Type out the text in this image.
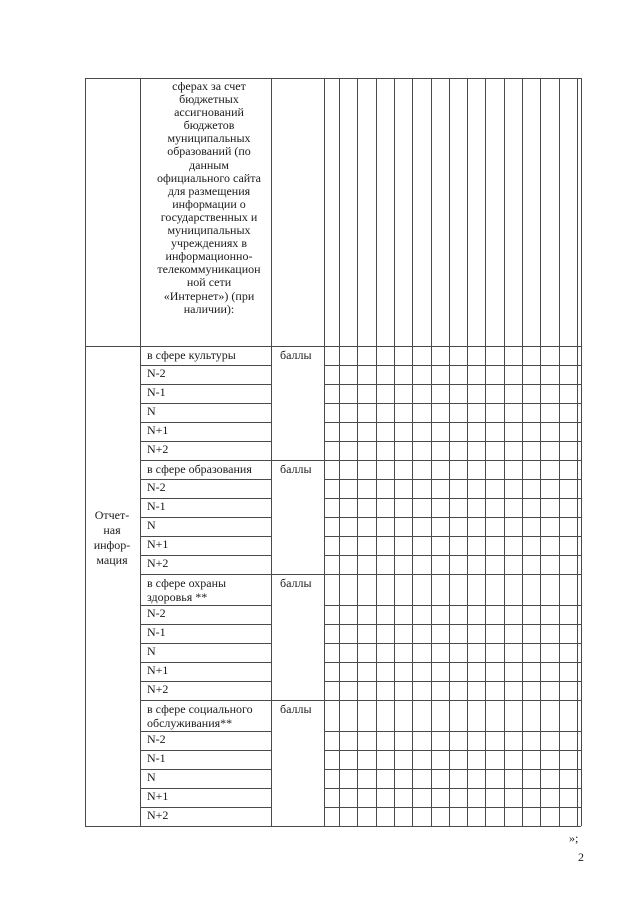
сферах за счет
бюджетных
ассигнований
бюджетов
муниципальных
образований (по
данным
официального сайта
для размещения
информации о
государственных и
муниципальных
учреждениях в
информационно-
телекоммуникацион
ной сети
«Интернет») (при
наличии):
Отчет-
ная
инфор-
мация
в сфере культуры	баллы
N-2
N-1
N
N+1
N+2
в сфере образования баллы
N-2
N-1
N
N+1
N+2
в сфере охраны
здоровья **
баллы
N-2
N-1
N
N+1
N+2
в сфере социального
обслуживания**
баллы
N-2
N-1
N
N+1
N+2
»;
2
